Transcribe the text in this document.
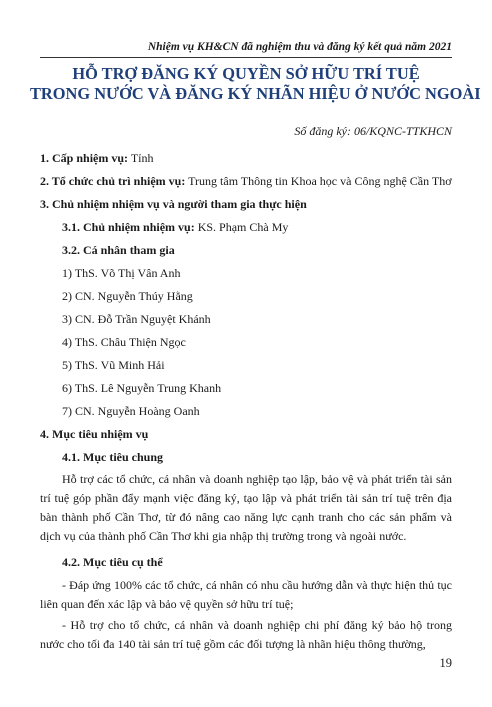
Nhiệm vụ KH&CN đã nghiệm thu và đăng ký kết quả năm 2021
HỖ TRỢ ĐĂNG KÝ QUYỀN SỞ HỮU TRÍ TUỆ
TRONG NƯỚC VÀ ĐĂNG KÝ NHÃN HIỆU Ở NƯỚC NGOÀI
Số đăng ký: 06/KQNC-TTKHCN
1. Cấp nhiệm vụ: Tỉnh
2. Tổ chức chủ trì nhiệm vụ: Trung tâm Thông tin Khoa học và Công nghệ Cần Thơ
3. Chủ nhiệm nhiệm vụ và người tham gia thực hiện
3.1. Chủ nhiệm nhiệm vụ: KS. Phạm Chà My
3.2. Cá nhân tham gia
1) ThS. Võ Thị Vân Anh
2) CN. Nguyễn Thúy Hằng
3) CN. Đỗ Trần Nguyệt Khánh
4) ThS. Châu Thiện Ngọc
5) ThS. Vũ Minh Hải
6) ThS. Lê Nguyễn Trung Khanh
7) CN. Nguyễn Hoàng Oanh
4. Mục tiêu nhiệm vụ
4.1. Mục tiêu chung
Hỗ trợ các tổ chức, cá nhân và doanh nghiệp tạo lập, bảo vệ và phát triển tài sản trí tuệ góp phần đẩy mạnh việc đăng ký, tạo lập và phát triển tài sản trí tuệ trên địa bàn thành phố Cần Thơ, từ đó nâng cao năng lực cạnh tranh cho các sản phẩm và dịch vụ của thành phố Cần Thơ khi gia nhập thị trường trong và ngoài nước.
4.2. Mục tiêu cụ thể
- Đáp ứng 100% các tổ chức, cá nhân có nhu cầu hướng dẫn và thực hiện thủ tục liên quan đến xác lập và bảo vệ quyền sở hữu trí tuệ;
- Hỗ trợ cho tổ chức, cá nhân và doanh nghiệp chi phí đăng ký bảo hộ trong nước cho tối đa 140 tài sản trí tuệ gồm các đối tượng là nhãn hiệu thông thường,
19
